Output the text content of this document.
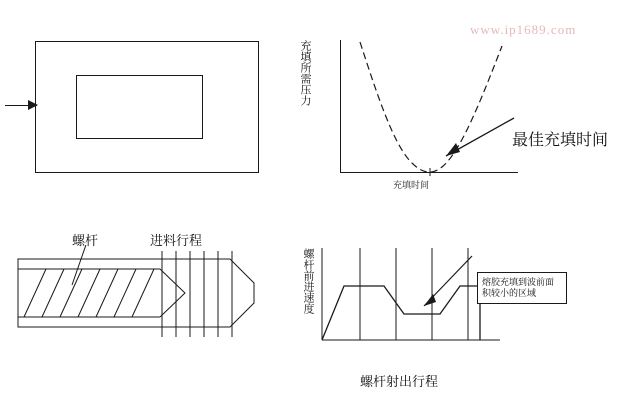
www.ip1689.com
充填所需压力
充填时间
最佳充填时间
螺杆	进料行程
螺杆前进速度
螺杆射出行程
熔胶充填到波前面积较小的区域
